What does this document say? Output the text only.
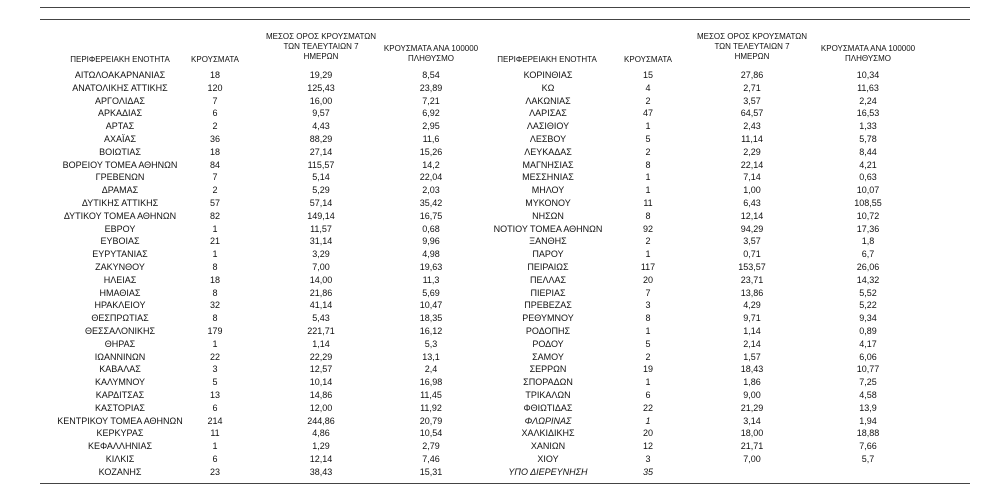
ΠΕΡΙΦΕΡΕΙΑΚΗ ΕΝΟΤΗΤΑ	ΚΡΟΥΣΜΑΤΑ
ΜΕΣΟΣ ΟΡΟΣ ΚΡΟΥΣΜΑΤΩΝ
ΤΩΝ ΤΕΛΕΥΤΑΙΩΝ 7
ΗΜΕΡΩΝ
ΚΡΟΥΣΜΑΤΑ ΑΝΑ 100000
ΠΛΗΘΥΣΜΟ	ΠΕΡΙΦΕΡΕΙΑΚΗ ΕΝΟΤΗΤΑ	ΚΡΟΥΣΜΑΤΑ
ΜΕΣΟΣ ΟΡΟΣ ΚΡΟΥΣΜΑΤΩΝ
ΤΩΝ ΤΕΛΕΥΤΑΙΩΝ 7
ΗΜΕΡΩΝ
ΚΡΟΥΣΜΑΤΑ ΑΝΑ 100000
ΠΛΗΘΥΣΜΟ
ΑΙΤΩΛΟΑΚΑΡΝΑΝΙΑΣ	18	19,29	8,54
ΑΝΑΤΟΛΙΚΗΣ ΑΤΤΙΚΗΣ	120	125,43	23,89
ΑΡΓΟΛΙΔΑΣ	7	16,00	7,21
ΑΡΚΑΔΙΑΣ	6	9,57	6,92
ΑΡΤΑΣ	2	4,43	2,95
ΑΧΑΪΑΣ	36	88,29	11,6
ΒΟΙΩΤΙΑΣ	18	27,14	15,26
ΒΟΡΕΙΟΥ ΤΟΜΕΑ ΑΘΗΝΩΝ	84	115,57	14,2
ΓΡΕΒΕΝΩΝ	7	5,14	22,04
ΔΡΑΜΑΣ	2	5,29	2,03
ΔΥΤΙΚΗΣ ΑΤΤΙΚΗΣ	57	57,14	35,42
ΔΥΤΙΚΟΥ ΤΟΜΕΑ ΑΘΗΝΩΝ	82	149,14	16,75
ΕΒΡΟΥ	1	11,57	0,68
ΕΥΒΟΙΑΣ	21	31,14	9,96
ΕΥΡΥΤΑΝΙΑΣ	1	3,29	4,98
ΖΑΚΥΝΘΟΥ	8	7,00	19,63
ΗΛΕΙΑΣ	18	14,00	11,3
ΗΜΑΘΙΑΣ	8	21,86	5,69
ΗΡΑΚΛΕΙΟΥ	32	41,14	10,47
ΘΕΣΠΡΩΤΙΑΣ	8	5,43	18,35
ΘΕΣΣΑΛΟΝΙΚΗΣ	179	221,71	16,12
ΘΗΡΑΣ	1	1,14	5,3
ΙΩΑΝΝΙΝΩΝ	22	22,29	13,1
ΚΑΒΑΛΑΣ	3	12,57	2,4
ΚΑΛΥΜΝΟΥ	5	10,14	16,98
ΚΑΡΔΙΤΣΑΣ	13	14,86	11,45
ΚΑΣΤΟΡΙΑΣ	6	12,00	11,92
ΚΕΝΤΡΙΚΟΥ ΤΟΜΕΑ ΑΘΗΝΩΝ	214	244,86	20,79
ΚΕΡΚΥΡΑΣ	11	4,86	10,54
ΚΕΦΑΛΛΗΝΙΑΣ	1	1,29	2,79
ΚΙΛΚΙΣ	6	12,14	7,46
ΚΟΖΑΝΗΣ	23	38,43	15,31
ΚΟΡΙΝΘΙΑΣ	15	27,86	10,34
ΚΩ	4	2,71	11,63
ΛΑΚΩΝΙΑΣ	2	3,57	2,24
ΛΑΡΙΣΑΣ	47	64,57	16,53
ΛΑΣΙΘΙΟΥ	1	2,43	1,33
ΛΕΣΒΟΥ	5	11,14	5,78
ΛΕΥΚΑΔΑΣ	2	2,29	8,44
ΜΑΓΝΗΣΙΑΣ	8	22,14	4,21
ΜΕΣΣΗΝΙΑΣ	1	7,14	0,63
ΜΗΛΟΥ	1	1,00	10,07
ΜΥΚΟΝΟΥ	11	6,43	108,55
ΝΗΣΩΝ	8	12,14	10,72
ΝΟΤΙΟΥ ΤΟΜΕΑ ΑΘΗΝΩΝ	92	94,29	17,36
ΞΑΝΘΗΣ	2	3,57	1,8
ΠΑΡΟΥ	1	0,71	6,7
ΠΕΙΡΑΙΩΣ	117	153,57	26,06
ΠΕΛΛΑΣ	20	23,71	14,32
ΠΙΕΡΙΑΣ	7	13,86	5,52
ΠΡΕΒΕΖΑΣ	3	4,29	5,22
ΡΕΘΥΜΝΟΥ	8	9,71	9,34
ΡΟΔΟΠΗΣ	1	1,14	0,89
ΡΟΔΟΥ	5	2,14	4,17
ΣΑΜΟΥ	2	1,57	6,06
ΣΕΡΡΩΝ	19	18,43	10,77
ΣΠΟΡΑΔΩΝ	1	1,86	7,25
ΤΡΙΚΑΛΩΝ	6	9,00	4,58
ΦΘΙΩΤΙΔΑΣ	22	21,29	13,9
ΦΛΩΡΙΝΑΣ	1	3,14	1,94
ΧΑΛΚΙΔΙΚΗΣ	20	18,00	18,88
ΧΑΝΙΩΝ	12	21,71	7,66
ΧΙΟΥ	3	7,00	5,7
ΥΠΟ ΔΙΕΡΕΥΝΗΣΗ	35
